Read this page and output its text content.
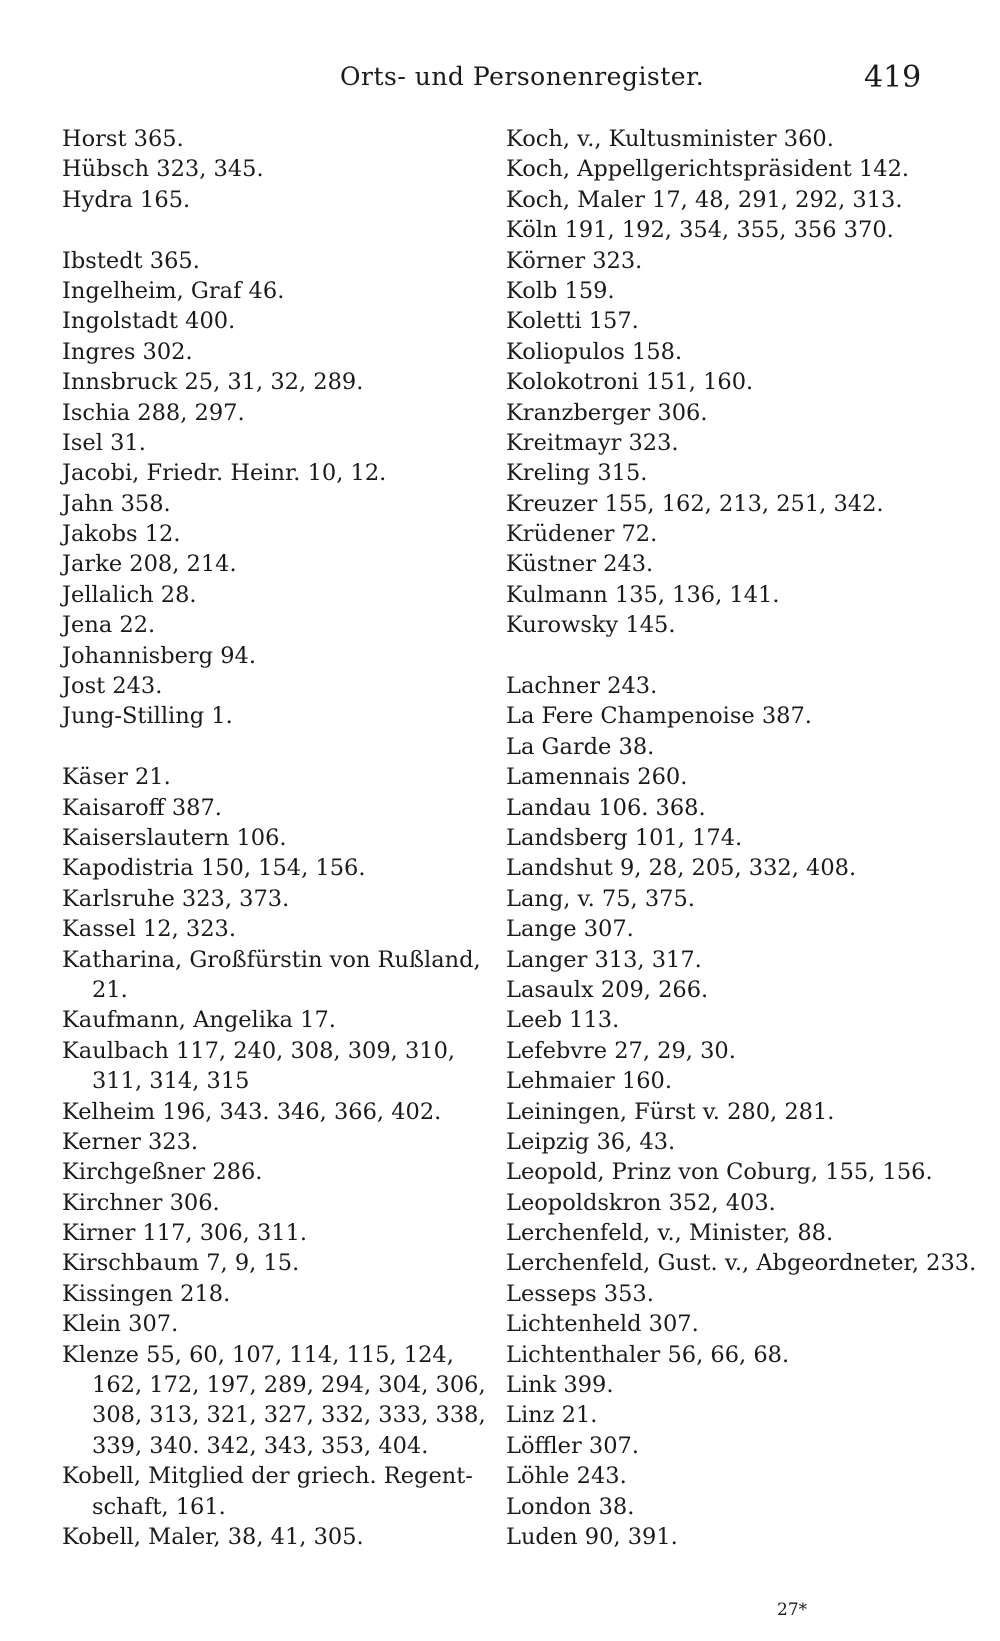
Orts- und Personenregister.	419
Horst 365.
Hübsch 323, 345.
Hydra 165.
Ibstedt 365.
Ingelheim, Graf 46.
Ingolstadt 400.
Ingres 302.
Innsbruck 25, 31, 32, 289.
Ischia 288, 297.
Isel 31.
Jacobi, Friedr. Heinr. 10, 12.
Jahn 358.
Jakobs 12.
Jarke 208, 214.
Jellalich 28.
Jena 22.
Johannisberg 94.
Jost 243.
Jung-Stilling 1.
Käser 21.
Kaisaroff 387.
Kaiserslautern 106.
Kapodistria 150, 154, 156.
Karlsruhe 323, 373.
Kassel 12, 323.
Katharina, Großfürstin von Rußland,
21.
Kaufmann, Angelika 17.
Kaulbach 117, 240, 308, 309, 310,
311, 314, 315
Kelheim 196, 343. 346, 366, 402.
Kerner 323.
Kirchgeßner 286.
Kirchner 306.
Kirner 117, 306, 311.
Kirschbaum 7, 9, 15.
Kissingen 218.
Klein 307.
Klenze 55, 60, 107, 114, 115, 124,
162, 172, 197, 289, 294, 304, 306,
308, 313, 321, 327, 332, 333, 338,
339, 340. 342, 343, 353, 404.
Kobell, Mitglied der griech. Regent-
schaft, 161.
Kobell, Maler, 38, 41, 305.
Koch, v., Kultusminister 360.
Koch, Appellgerichtspräsident 142.
Koch, Maler 17, 48, 291, 292, 313.
Köln 191, 192, 354, 355, 356 370.
Körner 323.
Kolb 159.
Koletti 157.
Koliopulos 158.
Kolokotroni 151, 160.
Kranzberger 306.
Kreitmayr 323.
Kreling 315.
Kreuzer 155, 162, 213, 251, 342.
Krüdener 72.
Küstner 243.
Kulmann 135, 136, 141.
Kurowsky 145.
Lachner 243.
La Fere Champenoise 387.
La Garde 38.
Lamennais 260.
Landau 106. 368.
Landsberg 101, 174.
Landshut 9, 28, 205, 332, 408.
Lang, v. 75, 375.
Lange 307.
Langer 313, 317.
Lasaulx 209, 266.
Leeb 113.
Lefebvre 27, 29, 30.
Lehmaier 160.
Leiningen, Fürst v. 280, 281.
Leipzig 36, 43.
Leopold, Prinz von Coburg, 155, 156.
Leopoldskron 352, 403.
Lerchenfeld, v., Minister, 88.
Lerchenfeld, Gust. v., Abgeordneter, 233.
Lesseps 353.
Lichtenheld 307.
Lichtenthaler 56, 66, 68.
Link 399.
Linz 21.
Löffler 307.
Löhle 243.
London 38.
Luden 90, 391.
27*
